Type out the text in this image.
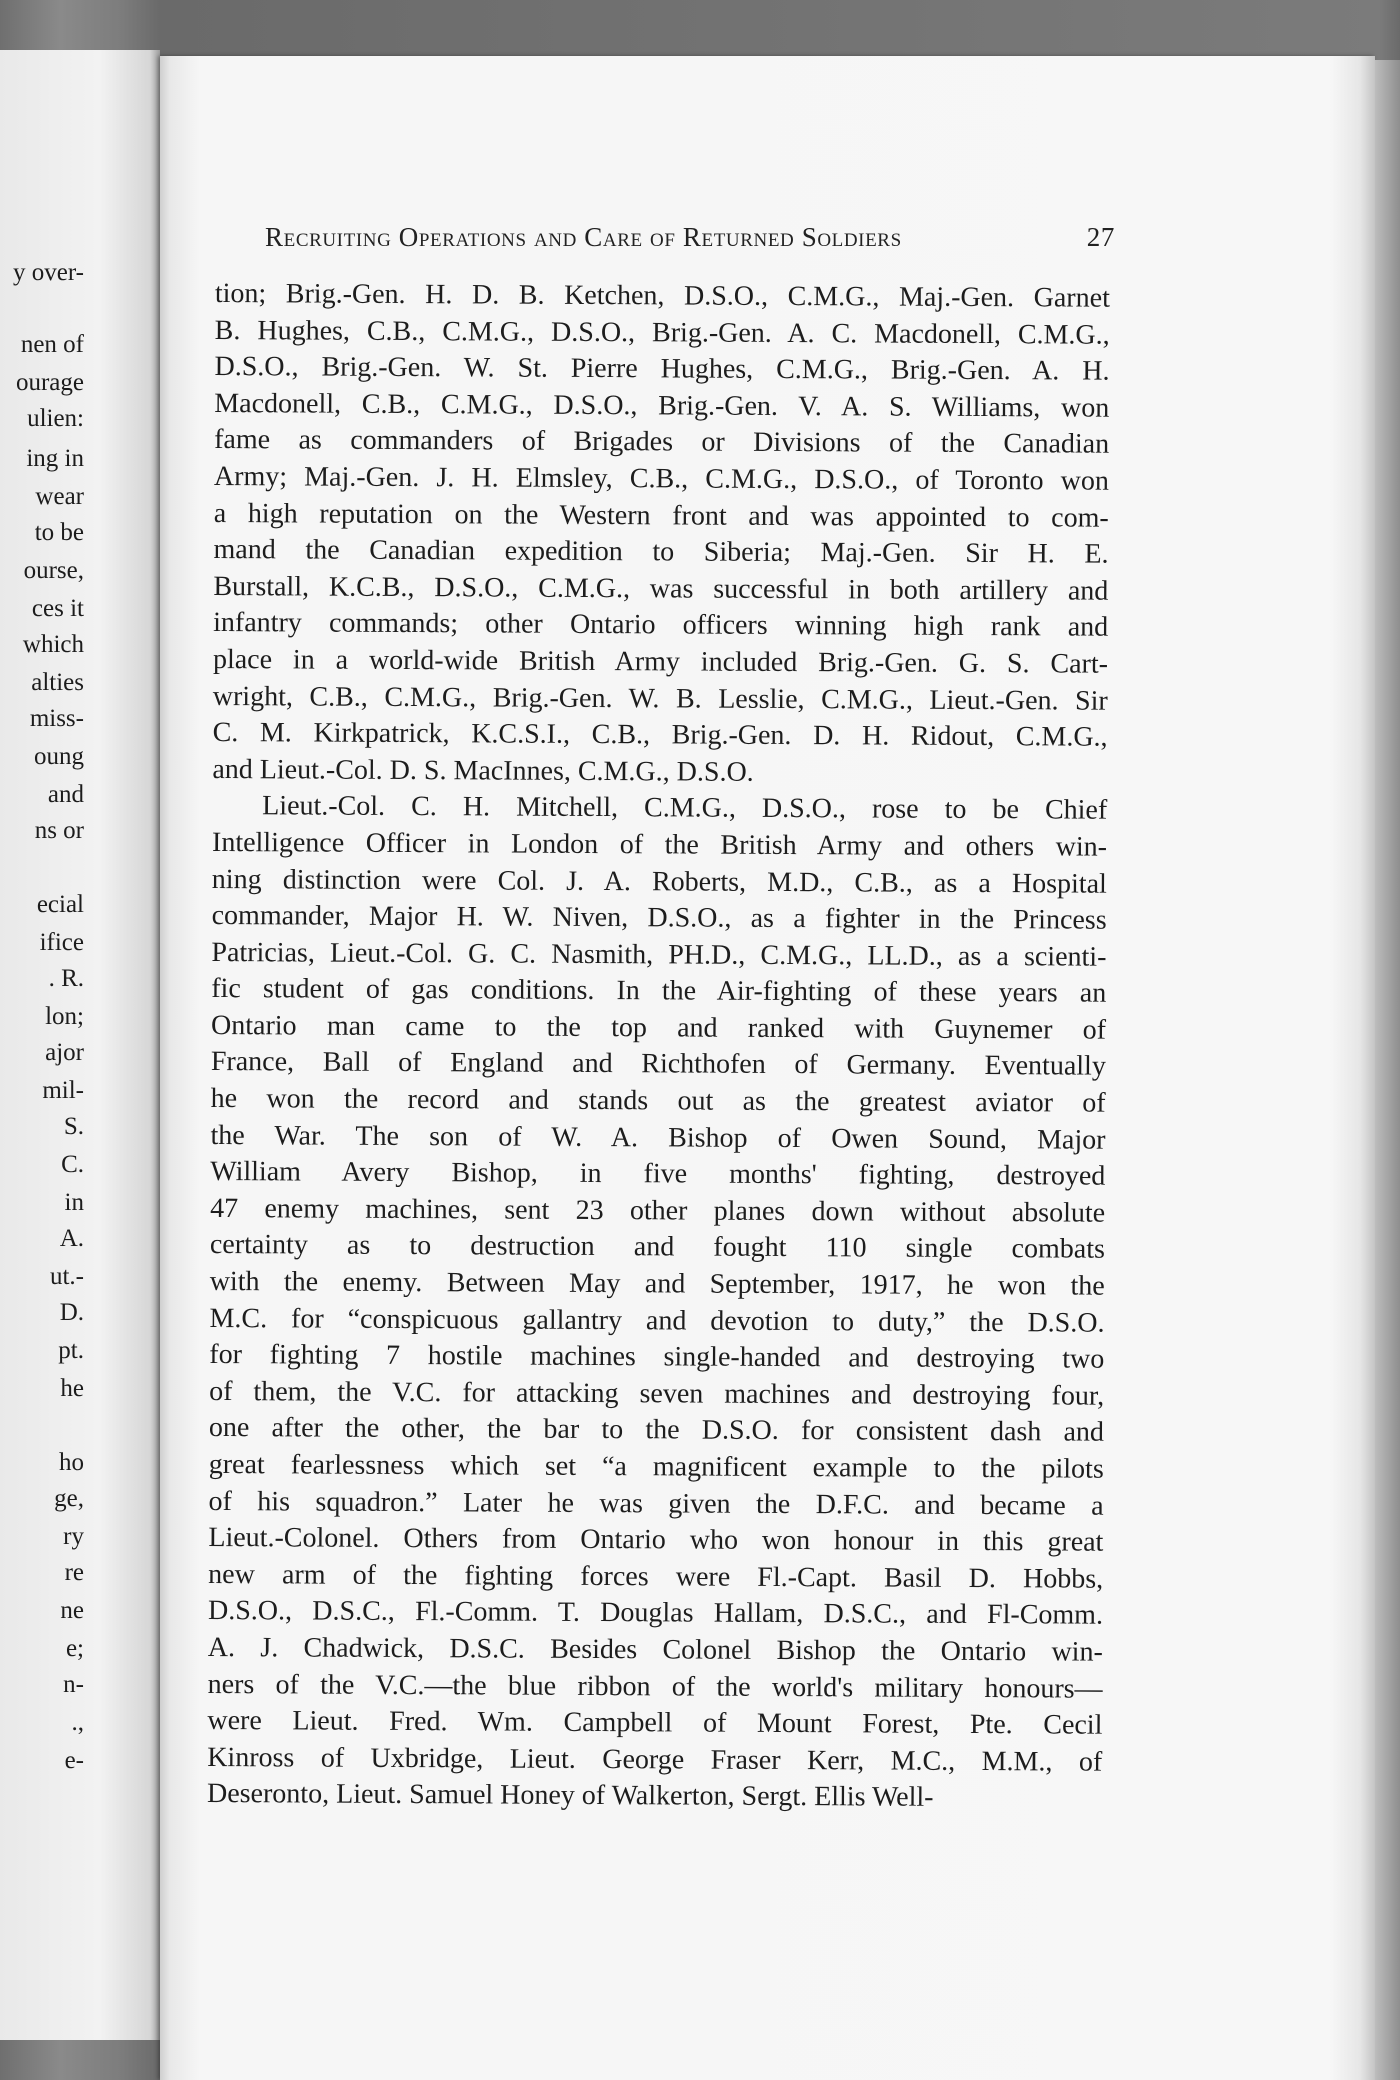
y over-

nen of

ourage

ulien:

ing in

wear

to be

ourse,

ces it

which

alties

miss-

oung

and

ns or

ecial

ifice

. R.

lon;

ajor

mil-

S.

C.

in

A.

ut.-

D.

pt.

he

ho

ge,

ry

re

ne

e;

n-

.,

e-

Recruiting Operations and Care of Returned Soldiers	27

tion; Brig.-Gen. H. D. B. Ketchen, D.S.O., C.M.G., Maj.-Gen. Garnet

B. Hughes, C.B., C.M.G., D.S.O., Brig.-Gen. A. C. Macdonell, C.M.G.,

D.S.O., Brig.-Gen. W. St. Pierre Hughes, C.M.G., Brig.-Gen. A. H.

Macdonell, C.B., C.M.G., D.S.O., Brig.-Gen. V. A. S. Williams, won

fame as commanders of Brigades or Divisions of the Canadian

Army; Maj.-Gen. J. H. Elmsley, C.B., C.M.G., D.S.O., of Toronto won

a high reputation on the Western front and was appointed to com-

mand the Canadian expedition to Siberia; Maj.-Gen. Sir H. E.

Burstall, K.C.B., D.S.O., C.M.G., was successful in both artillery and

infantry commands; other Ontario officers winning high rank and

place in a world-wide British Army included Brig.-Gen. G. S. Cart-

wright, C.B., C.M.G., Brig.-Gen. W. B. Lesslie, C.M.G., Lieut.-Gen. Sir

C. M. Kirkpatrick, K.C.S.I., C.B., Brig.-Gen. D. H. Ridout, C.M.G.,

and Lieut.-Col. D. S. MacInnes, C.M.G., D.S.O.

Lieut.-Col. C. H. Mitchell, C.M.G., D.S.O., rose to be Chief

Intelligence Officer in London of the British Army and others win-

ning distinction were Col. J. A. Roberts, M.D., C.B., as a Hospital

commander, Major H. W. Niven, D.S.O., as a fighter in the Princess

Patricias, Lieut.-Col. G. C. Nasmith, PH.D., C.M.G., LL.D., as a scienti-

fic student of gas conditions. In the Air-fighting of these years an

Ontario man came to the top and ranked with Guynemer of

France, Ball of England and Richthofen of Germany. Eventually

he won the record and stands out as the greatest aviator of

the War. The son of W. A. Bishop of Owen Sound, Major

William Avery Bishop, in five months' fighting, destroyed

47 enemy machines, sent 23 other planes down without absolute

certainty as to destruction and fought 110 single combats

with the enemy. Between May and September, 1917, he won the

M.C. for “conspicuous gallantry and devotion to duty,” the D.S.O.

for fighting 7 hostile machines single-handed and destroying two

of them, the V.C. for attacking seven machines and destroying four,

one after the other, the bar to the D.S.O. for consistent dash and

great fearlessness which set “a magnificent example to the pilots

of his squadron.” Later he was given the D.F.C. and became a

Lieut.-Colonel. Others from Ontario who won honour in this great

new arm of the fighting forces were Fl.-Capt. Basil D. Hobbs,

D.S.O., D.S.C., Fl.-Comm. T. Douglas Hallam, D.S.C., and Fl-Comm.

A. J. Chadwick, D.S.C. Besides Colonel Bishop the Ontario win-

ners of the V.C.—the blue ribbon of the world's military honours—

were Lieut. Fred. Wm. Campbell of Mount Forest, Pte. Cecil

Kinross of Uxbridge, Lieut. George Fraser Kerr, M.C., M.M., of

Deseronto, Lieut. Samuel Honey of Walkerton, Sergt. Ellis Well-
